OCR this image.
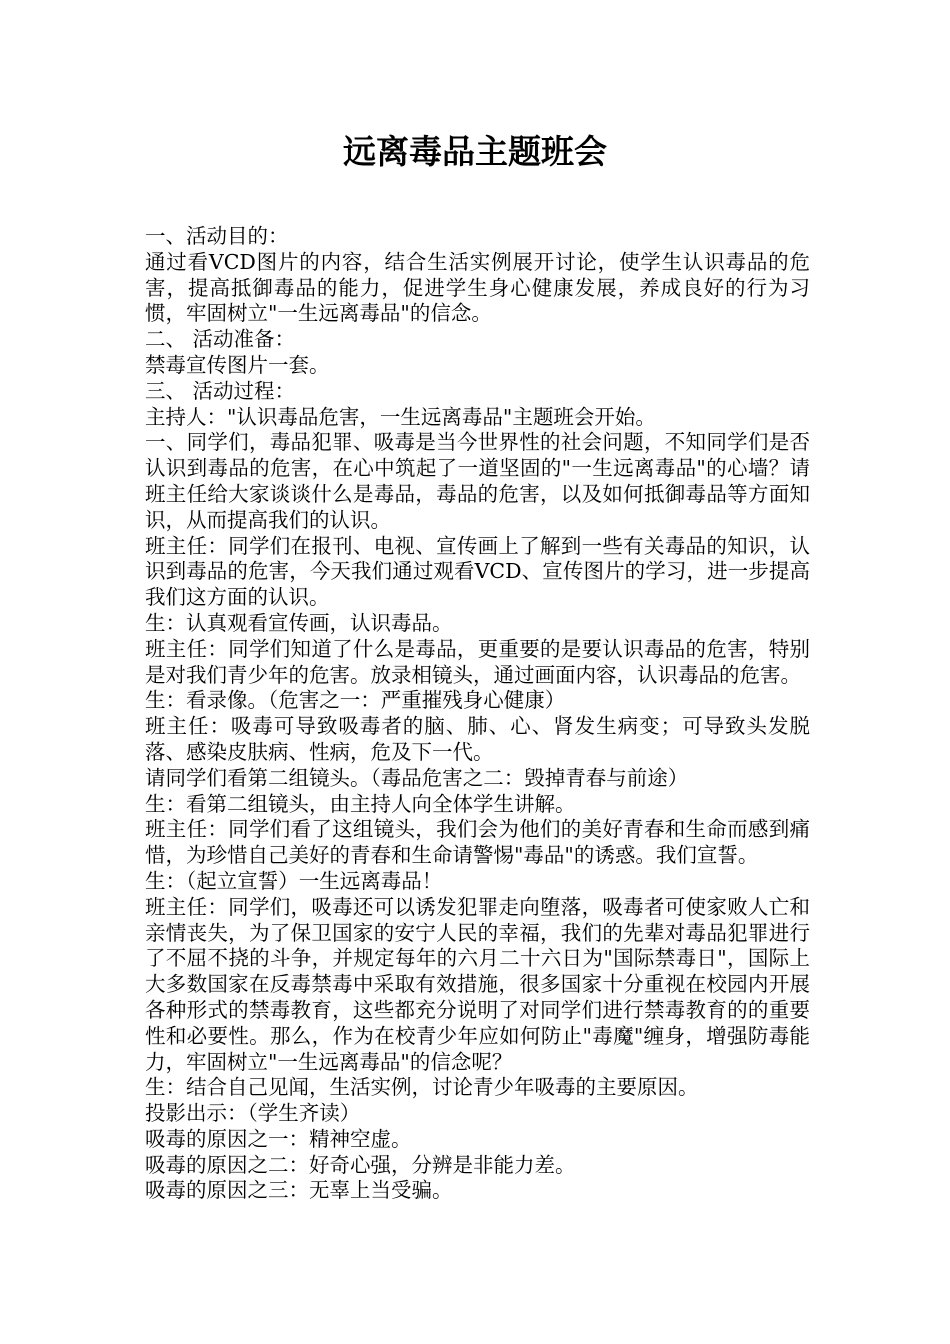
远离毒品主题班会

一、活动目的：

通过看VCD图片的内容，结合生活实例展开讨论，使学生认识毒品的危害，提高抵御毒品的能力，促进学生身心健康发展，养成良好的行为习惯，牢固树立"一生远离毒品"的信念。

二、 活动准备：

禁毒宣传图片一套。

三、 活动过程：

主持人："认识毒品危害，一生远离毒品"主题班会开始。

一、同学们，毒品犯罪、吸毒是当今世界性的社会问题，不知同学们是否认识到毒品的危害，在心中筑起了一道坚固的"一生远离毒品"的心墙？请班主任给大家谈谈什么是毒品，毒品的危害，以及如何抵御毒品等方面知识，从而提高我们的认识。

班主任：同学们在报刊、电视、宣传画上了解到一些有关毒品的知识，认识到毒品的危害，今天我们通过观看VCD、宣传图片的学习，进一步提高我们这方面的认识。

生：认真观看宣传画，认识毒品。

班主任：同学们知道了什么是毒品，更重要的是要认识毒品的危害，特别是对我们青少年的危害。放录相镜头，通过画面内容，认识毒品的危害。

生：看录像。（危害之一：严重摧残身心健康）

班主任：吸毒可导致吸毒者的脑、肺、心、肾发生病变；可导致头发脱落、感染皮肤病、性病，危及下一代。

请同学们看第二组镜头。（毒品危害之二：毁掉青春与前途）

生：看第二组镜头，由主持人向全体学生讲解。

班主任：同学们看了这组镜头，我们会为他们的美好青春和生命而感到痛惜，为珍惜自己美好的青春和生命请警惕"毒品"的诱惑。我们宣誓。

生：（起立宣誓）一生远离毒品！

班主任：同学们，吸毒还可以诱发犯罪走向堕落，吸毒者可使家败人亡和亲情丧失，为了保卫国家的安宁人民的幸福，我们的先辈对毒品犯罪进行了不屈不挠的斗争，并规定每年的六月二十六日为"国际禁毒日"，国际上大多数国家在反毒禁毒中采取有效措施，很多国家十分重视在校园内开展各种形式的禁毒教育，这些都充分说明了对同学们进行禁毒教育的的重要性和必要性。那么，作为在校青少年应如何防止"毒魔"缠身，增强防毒能力，牢固树立"一生远离毒品"的信念呢？

生：结合自己见闻，生活实例，讨论青少年吸毒的主要原因。

投影出示：（学生齐读）

吸毒的原因之一：精神空虚。

吸毒的原因之二：好奇心强，分辨是非能力差。

吸毒的原因之三：无辜上当受骗。
